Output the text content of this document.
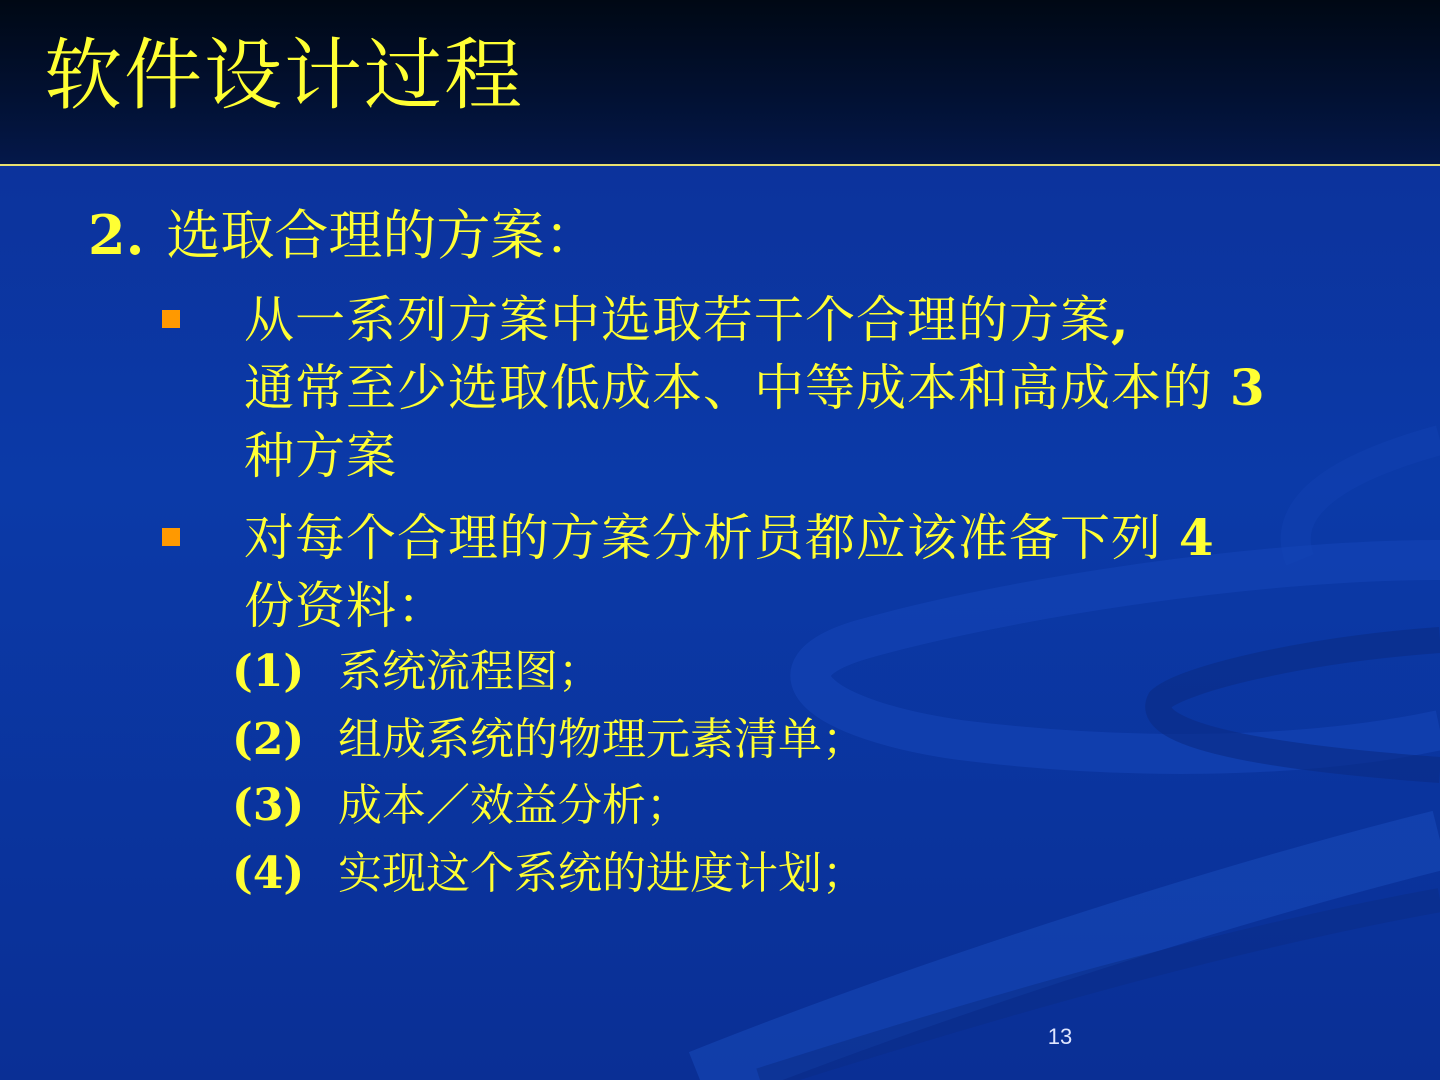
软件设计过程
2. 选取合理的方案：
从一系列方案中选取若干个合理的方案,
通常至少选取低成本、中等成本和高成本的 3
种方案
对每个合理的方案分析员都应该准备下列 4
份资料：
(1) 系统流程图；
(2) 组成系统的物理元素清单；
(3) 成本／效益分析；
(4) 实现这个系统的进度计划；
13
